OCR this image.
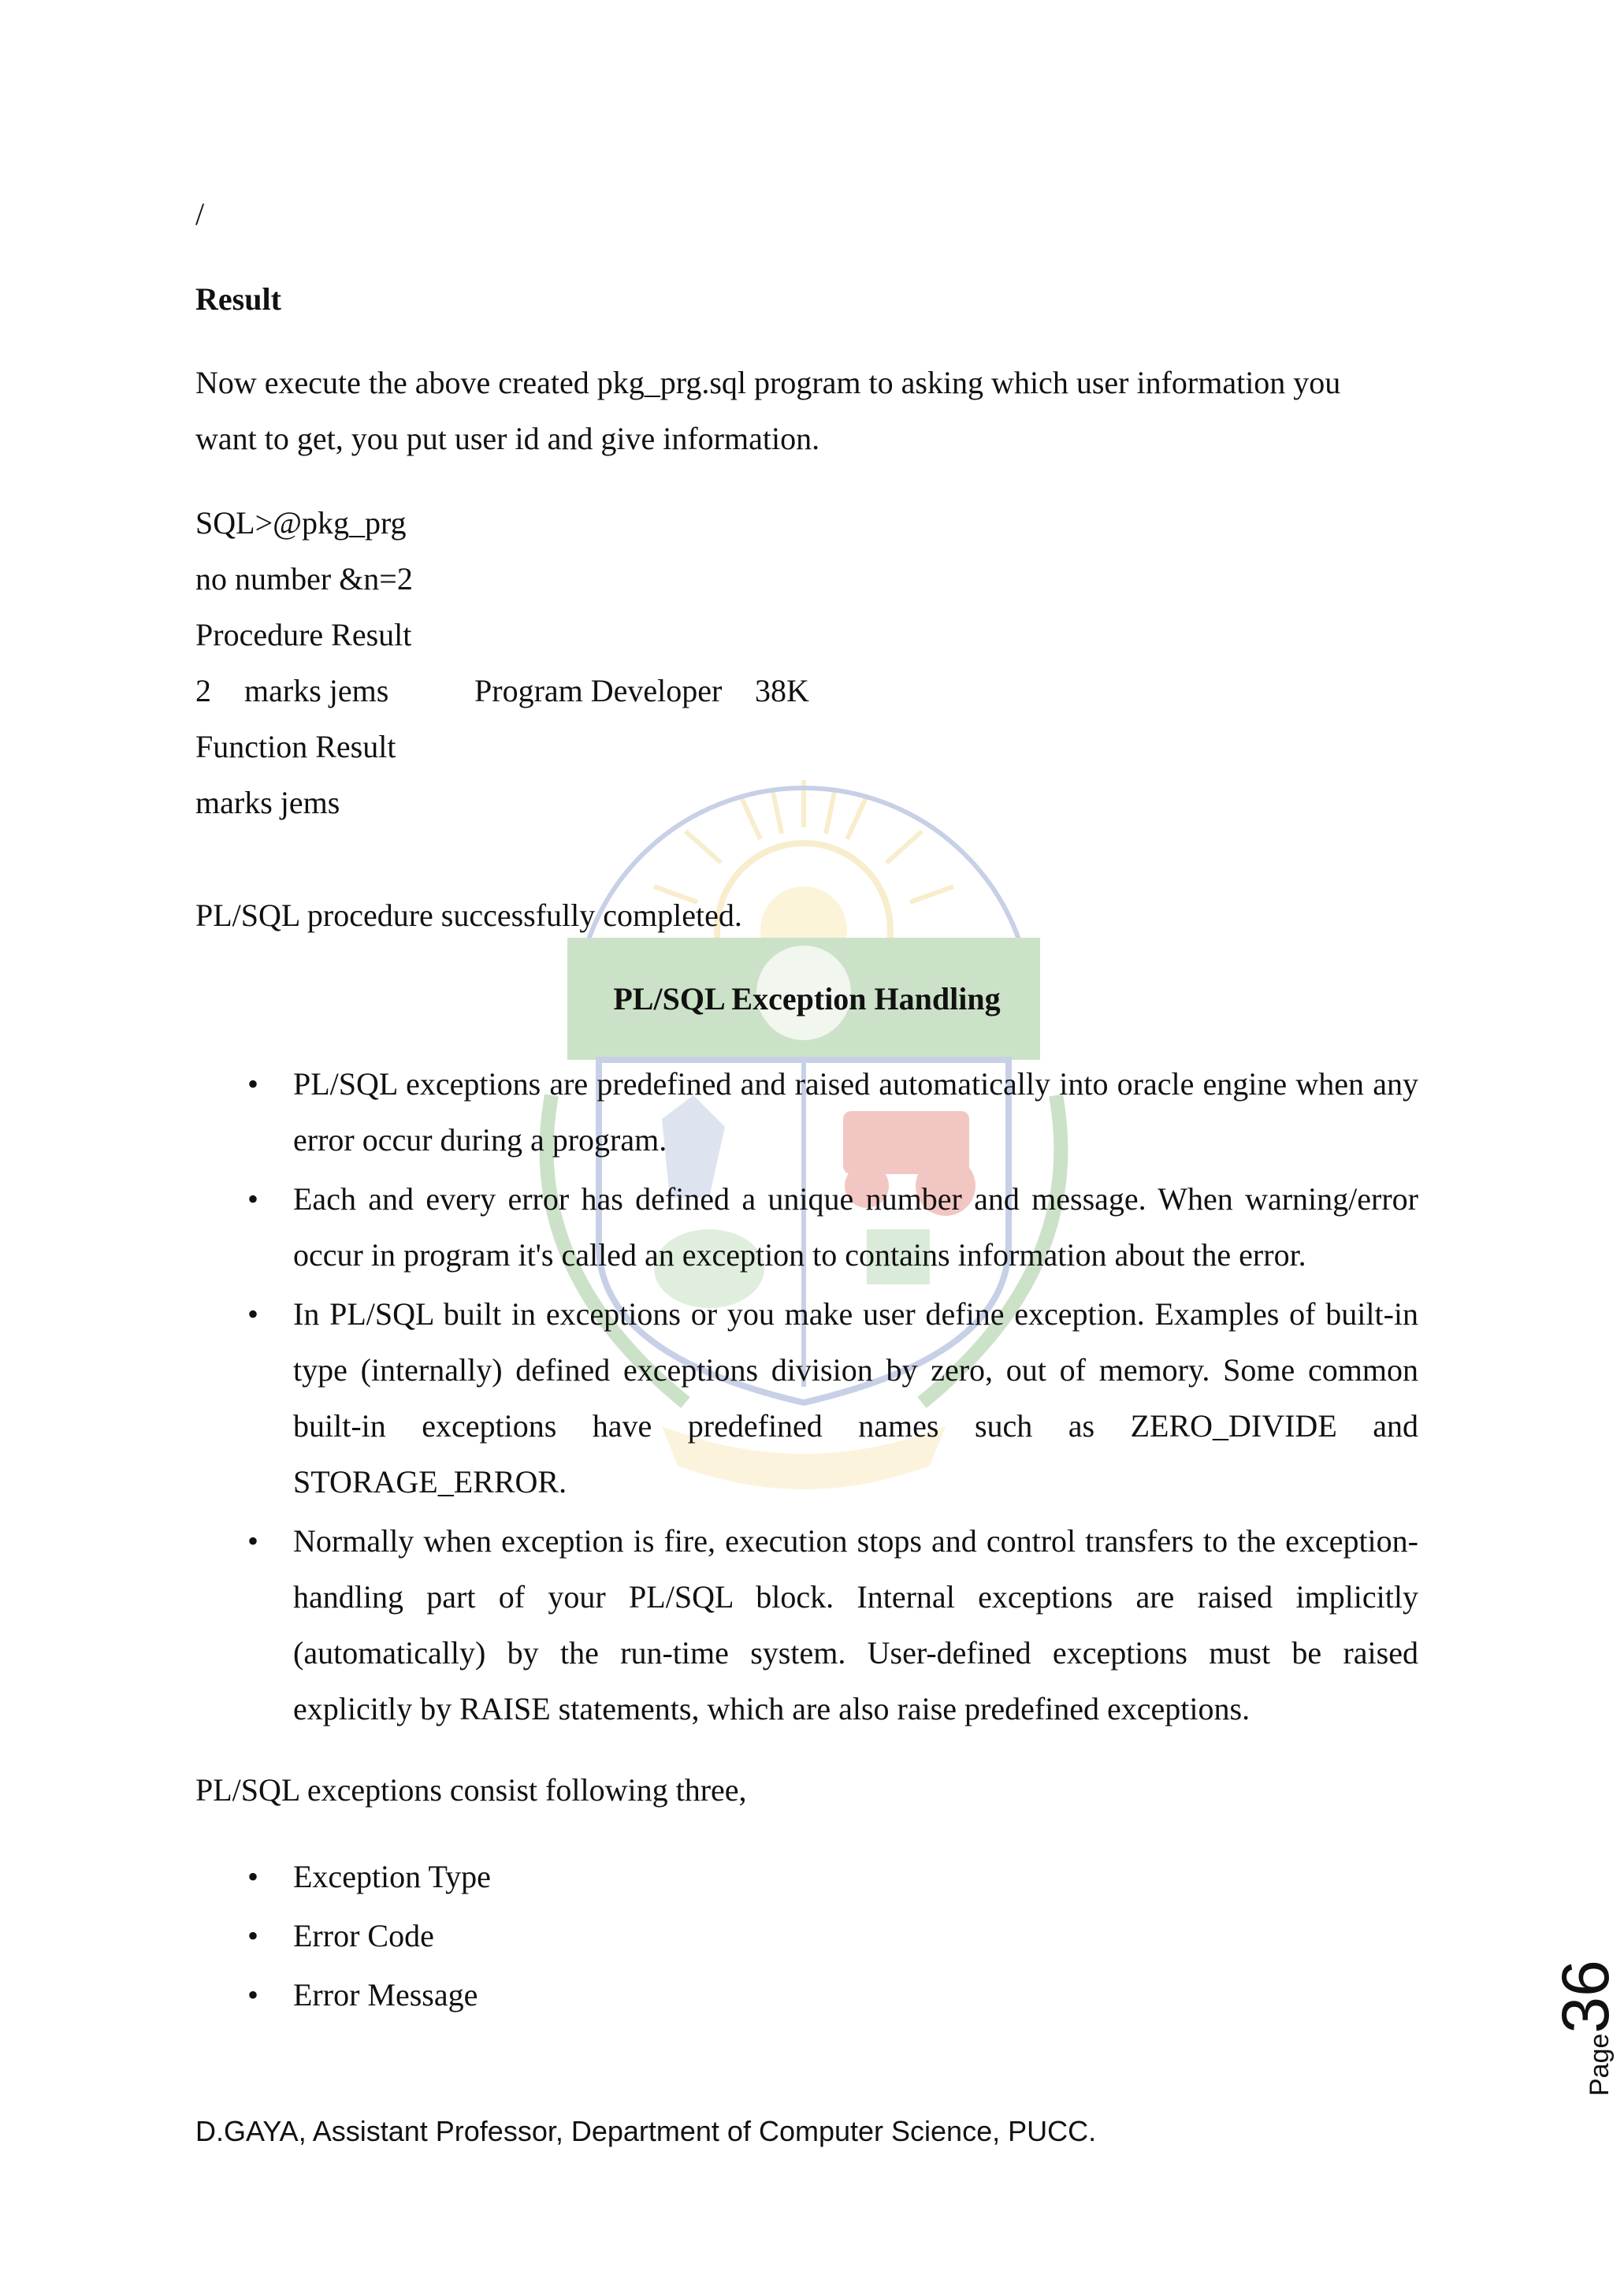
/
Result
Now execute the above created pkg_prg.sql program to asking which user information you
want to get, you put user id and give information.
SQL>@pkg_prg
no number &n=2
Procedure Result
2 marks jems	Program Developer 38K
Function Result
marks jems
PL/SQL procedure successfully completed.
PL/SQL Exception Handling
• PL/SQL exceptions are predefined and raised automatically into oracle engine when any error occur during a program.
• Each and every error has defined a unique number and message. When warning/error occur in program it's called an exception to contains information about the error.
• In PL/SQL built in exceptions or you make user define exception. Examples of built-in type (internally) defined exceptions division by zero, out of memory. Some common built-in exceptions have predefined names such as ZERO_DIVIDE and STORAGE_ERROR.
• Normally when exception is fire, execution stops and control transfers to the exception-handling part of your PL/SQL block. Internal exceptions are raised implicitly (automatically) by the run-time system. User-defined exceptions must be raised explicitly by RAISE statements, which are also raise predefined exceptions.
PL/SQL exceptions consist following three,
• Exception Type
• Error Code
• Error Message
Page36
D.GAYA, Assistant Professor, Department of Computer Science, PUCC.
